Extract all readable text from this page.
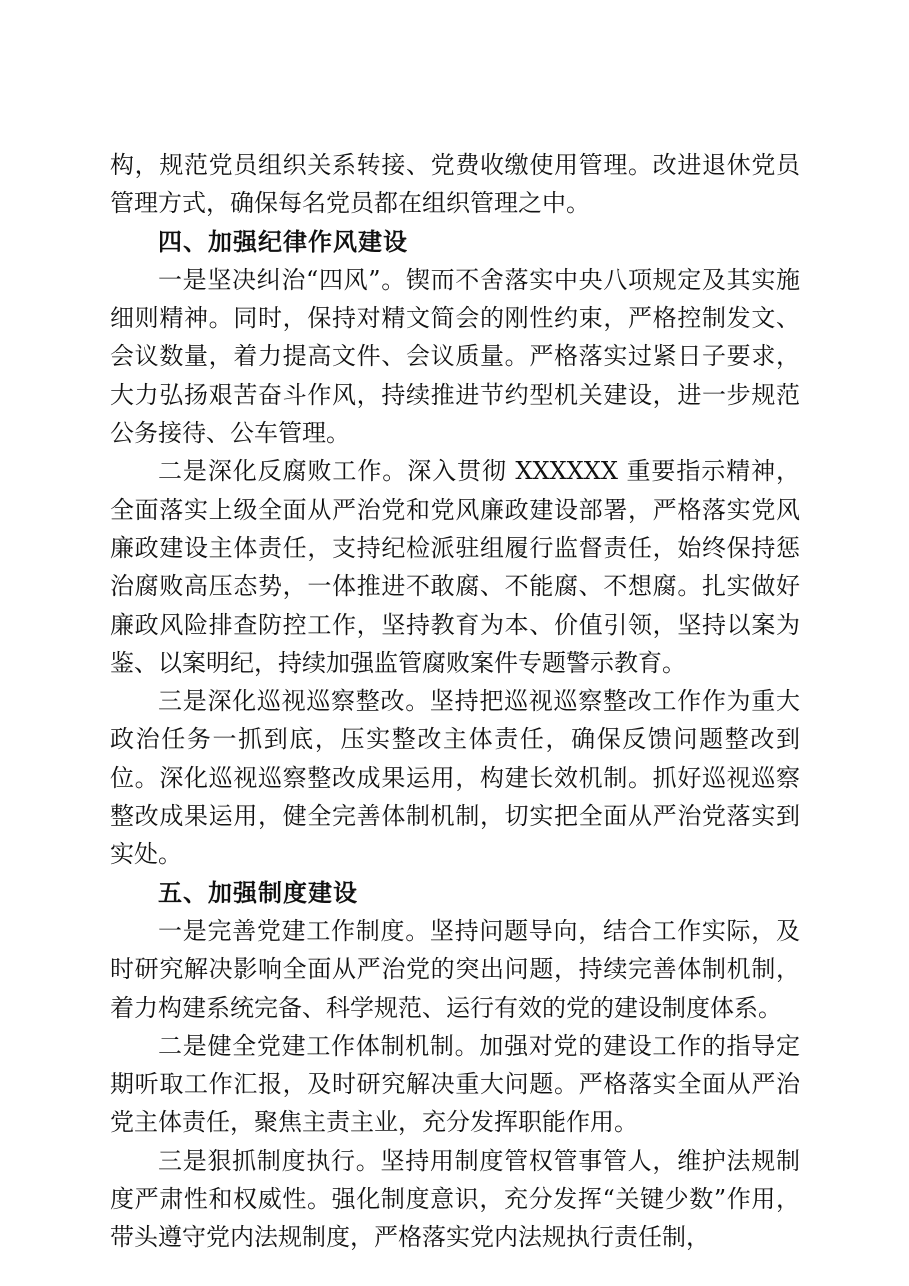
构，规范党员组织关系转接、党费收缴使用管理。改进退休党员管理方式，确保每名党员都在组织管理之中。

四、加强纪律作风建设

一是坚决纠治“四风”。锲而不舍落实中央八项规定及其实施细则精神。同时，保持对精文简会的刚性约束，严格控制发文、会议数量，着力提高文件、会议质量。严格落实过紧日子要求，大力弘扬艰苦奋斗作风，持续推进节约型机关建设，进一步规范公务接待、公车管理。

二是深化反腐败工作。深入贯彻 XXXXXX 重要指示精神，全面落实上级全面从严治党和党风廉政建设部署，严格落实党风廉政建设主体责任，支持纪检派驻组履行监督责任，始终保持惩治腐败高压态势，一体推进不敢腐、不能腐、不想腐。扎实做好廉政风险排查防控工作，坚持教育为本、价值引领，坚持以案为鉴、以案明纪，持续加强监管腐败案件专题警示教育。

三是深化巡视巡察整改。坚持把巡视巡察整改工作作为重大政治任务一抓到底，压实整改主体责任，确保反馈问题整改到位。深化巡视巡察整改成果运用，构建长效机制。抓好巡视巡察整改成果运用，健全完善体制机制，切实把全面从严治党落实到实处。

五、加强制度建设

一是完善党建工作制度。坚持问题导向，结合工作实际，及时研究解决影响全面从严治党的突出问题，持续完善体制机制，着力构建系统完备、科学规范、运行有效的党的建设制度体系。

二是健全党建工作体制机制。加强对党的建设工作的指导定期听取工作汇报，及时研究解决重大问题。严格落实全面从严治党主体责任，聚焦主责主业，充分发挥职能作用。

三是狠抓制度执行。坚持用制度管权管事管人，维护法规制度严肃性和权威性。强化制度意识，充分发挥“关键少数”作用，带头遵守党内法规制度，严格落实党内法规执行责任制，
